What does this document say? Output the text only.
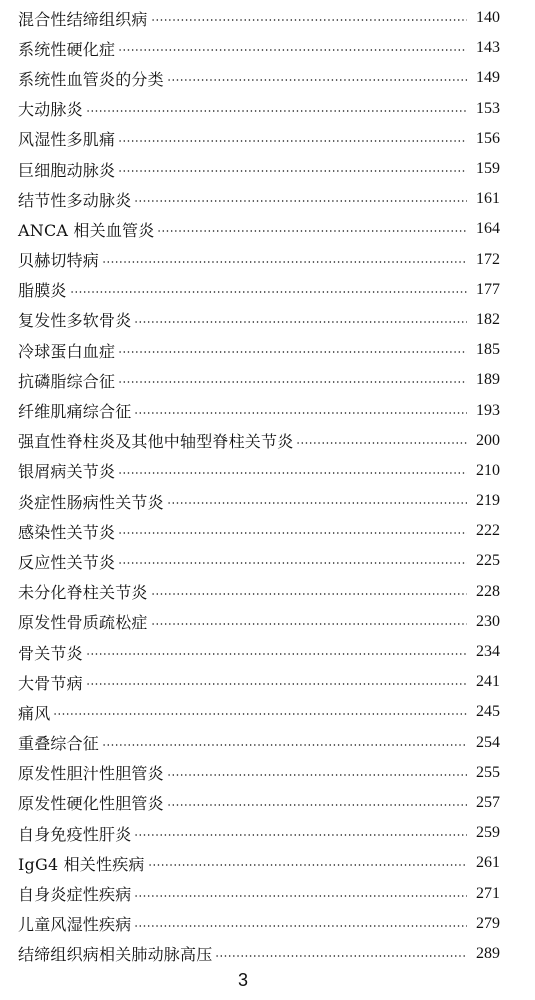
混合性结缔组织病	140
系统性硬化症	143
系统性血管炎的分类	149
大动脉炎	153
风湿性多肌痛	156
巨细胞动脉炎	159
结节性多动脉炎	161
ANCA 相关血管炎	164
贝赫切特病	172
脂膜炎	177
复发性多软骨炎	182
冷球蛋白血症	185
抗磷脂综合征	189
纤维肌痛综合征	193
强直性脊柱炎及其他中轴型脊柱关节炎	200
银屑病关节炎	210
炎症性肠病性关节炎	219
感染性关节炎	222
反应性关节炎	225
未分化脊柱关节炎	228
原发性骨质疏松症	230
骨关节炎	234
大骨节病	241
痛风	245
重叠综合征	254
原发性胆汁性胆管炎	255
原发性硬化性胆管炎	257
自身免疫性肝炎	259
IgG4 相关性疾病	261
自身炎症性疾病	271
儿童风湿性疾病	279
结缔组织病相关肺动脉高压	289
3
